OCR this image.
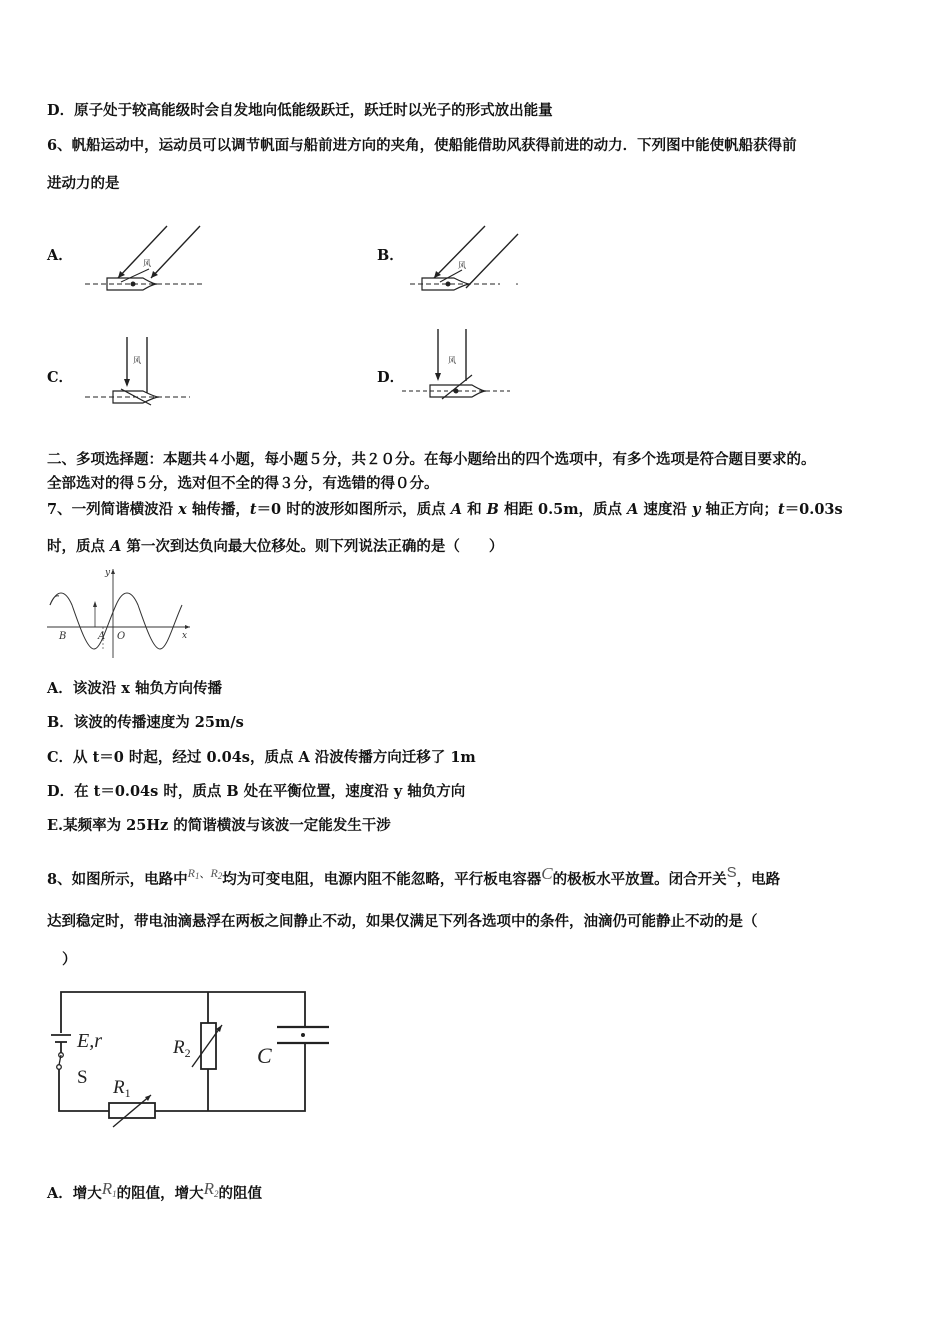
D．原子处于较高能级时会自发地向低能级跃迁，跃迁时以光子的形式放出能量
6、帆船运动中，运动员可以调节帆面与船前进方向的夹角，使船能借助风获得前进的动力．下列图中能使帆船获得前
进动力的是
A．	B．
C．	D．
风	风
风	风
二、多项选择题：本题共４小题，每小题５分，共２０分。在每小题给出的四个选项中，有多个选项是符合题目要求的。
全部选对的得５分，选对但不全的得３分，有选错的得０分。
7、一列简谐横波沿 x 轴传播，t＝0 时的波形如图所示，质点 A 和 B 相距 0.5m，质点 A 速度沿 y 轴正方向；t＝0.03s
时，质点 A 第一次到达负向最大位移处。则下列说法正确的是（　　）
y
x
B	A O
A．该波沿 x 轴负方向传播
B．该波的传播速度为 25m/s
C．从 t＝0 时起，经过 0.04s，质点 A 沿波传播方向迁移了 1m
D．在 t＝0.04s 时，质点 B 处在平衡位置，速度沿 y 轴负方向
E.某频率为 25Hz 的简谐横波与该波一定能发生干涉
8、如图所示，电路中$^{R1、R2}$均为可变电阻，电源内阻不能忽略，平行板电容器C的极板水平放置。闭合开关S，电路
达到稳定时，带电油滴悬浮在两板之间静止不动，如果仅满足下列各选项中的条件，油滴仍可能静止不动的是（
）
E,r
S
$R_2$
$R_1$
C
A．增大R1的阻值，增大R2的阻值
